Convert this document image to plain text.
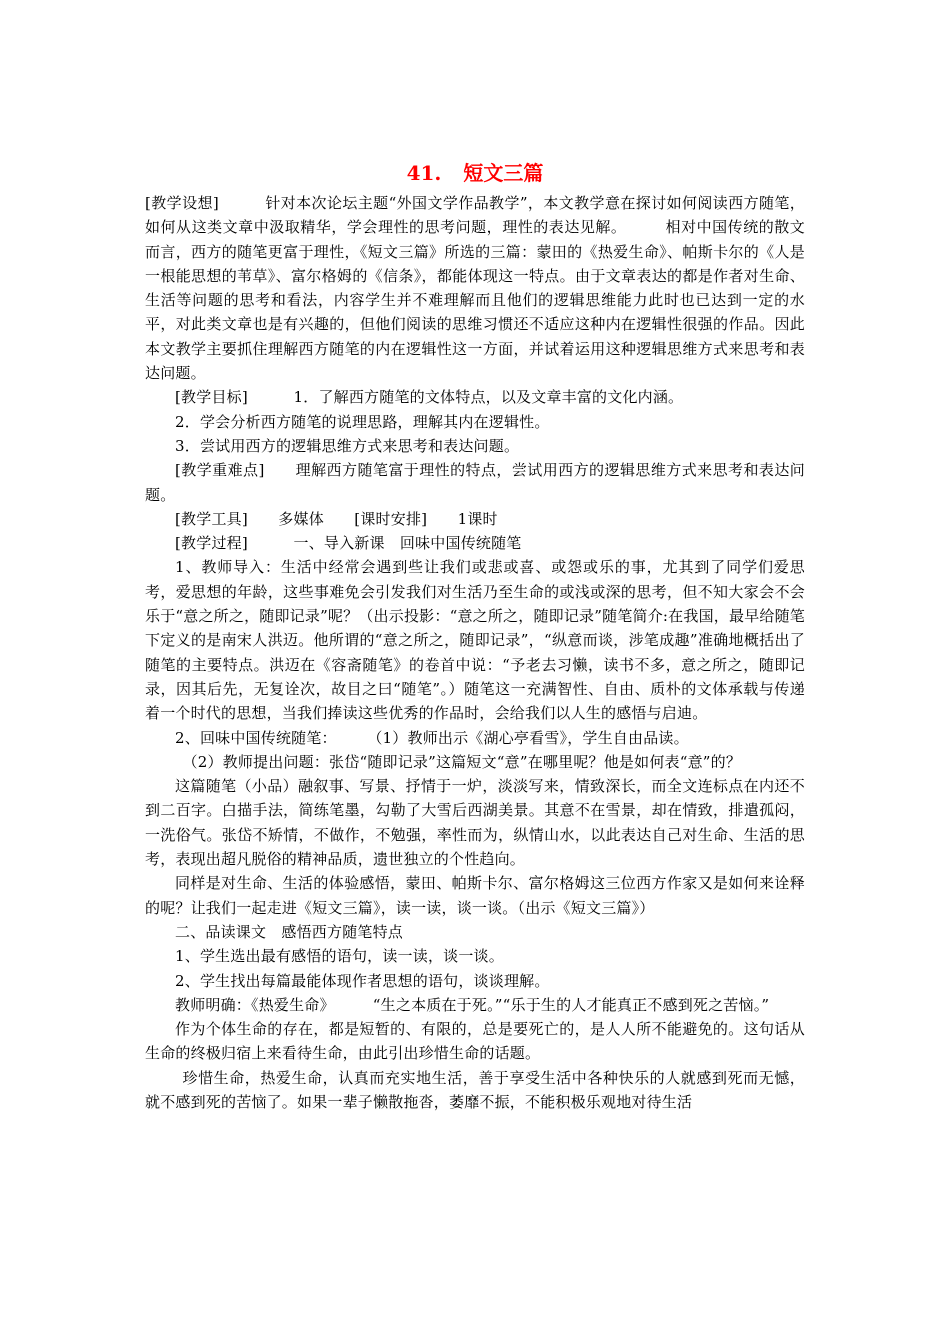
41. 短文三篇

[教学设想]　　　针对本次论坛主题“外国文学作品教学”，本文教学意在探讨如何阅读西方随笔，如何从这类文章中汲取精华，学会理性的思考问题，理性的表达见解。　　　相对中国传统的散文而言，西方的随笔更富于理性，《短文三篇》所选的三篇：蒙田的《热爱生命》、帕斯卡尔的《人是一根能思想的苇草》、富尔格姆的《信条》，都能体现这一特点。由于文章表达的都是作者对生命、生活等问题的思考和看法，内容学生并不难理解而且他们的逻辑思维能力此时也已达到一定的水平，对此类文章也是有兴趣的，但他们阅读的思维习惯还不适应这种内在逻辑性很强的作品。因此本文教学主要抓住理解西方随笔的内在逻辑性这一方面，并试着运用这种逻辑思维方式来思考和表达问题。

[教学目标]　　　1．了解西方随笔的文体特点，以及文章丰富的文化内涵。

2．学会分析西方随笔的说理思路，理解其内在逻辑性。

3．尝试用西方的逻辑思维方式来思考和表达问题。

[教学重难点]　　理解西方随笔富于理性的特点，尝试用西方的逻辑思维方式来思考和表达问题。

[教学工具]　　多媒体　　[课时安排]　　1课时

[教学过程]　　　一、导入新课　回味中国传统随笔

1、教师导入：生活中经常会遇到些让我们或悲或喜、或怨或乐的事，尤其到了同学们爱思考，爱思想的年龄，这些事难免会引发我们对生活乃至生命的或浅或深的思考，但不知大家会不会乐于“意之所之，随即记录”呢？（出示投影：“意之所之，随即记录”随笔简介:在我国，最早给随笔下定义的是南宋人洪迈。他所谓的“意之所之，随即记录”，“纵意而谈，涉笔成趣”准确地概括出了随笔的主要特点。洪迈在《容斋随笔》的卷首中说：“予老去习懒，读书不多，意之所之，随即记录，因其后先，无复诠次，故目之曰“随笔”。）随笔这一充满智性、自由、质朴的文体承载与传递着一个时代的思想，当我们捧读这些优秀的作品时，会给我们以人生的感悟与启迪。

2、回味中国传统随笔：　　　（1）教师出示《湖心亭看雪》，学生自由品读。

（2）教师提出问题：张岱“随即记录”这篇短文“意”在哪里呢？他是如何表“意”的？

这篇随笔（小品）融叙事、写景、抒情于一炉，淡淡写来，情致深长，而全文连标点在内还不到二百字。白描手法，简练笔墨，勾勒了大雪后西湖美景。其意不在雪景，却在情致，排遣孤闷，一洗俗气。张岱不矫情，不做作，不勉强，率性而为，纵情山水，以此表达自己对生命、生活的思考，表现出超凡脱俗的精神品质，遗世独立的个性趋向。

同样是对生命、生活的体验感悟，蒙田、帕斯卡尔、富尔格姆这三位西方作家又是如何来诠释的呢？让我们一起走进《短文三篇》，读一读，谈一谈。（出示《短文三篇》）

二、品读课文　感悟西方随笔特点

1、学生选出最有感悟的语句，读一读，谈一谈。

2、学生找出每篇最能体现作者思想的语句，谈谈理解。

教师明确：《热爱生命》　　　“生之本质在于死。”“乐于生的人才能真正不感到死之苦恼。”

作为个体生命的存在，都是短暂的、有限的，总是要死亡的，是人人所不能避免的。这句话从生命的终极归宿上来看待生命，由此引出珍惜生命的话题。

珍惜生命，热爱生命，认真而充实地生活，善于享受生活中各种快乐的人就感到死而无憾，就不感到死的苦恼了。如果一辈子懒散拖沓，萎靡不振，不能积极乐观地对待生活
